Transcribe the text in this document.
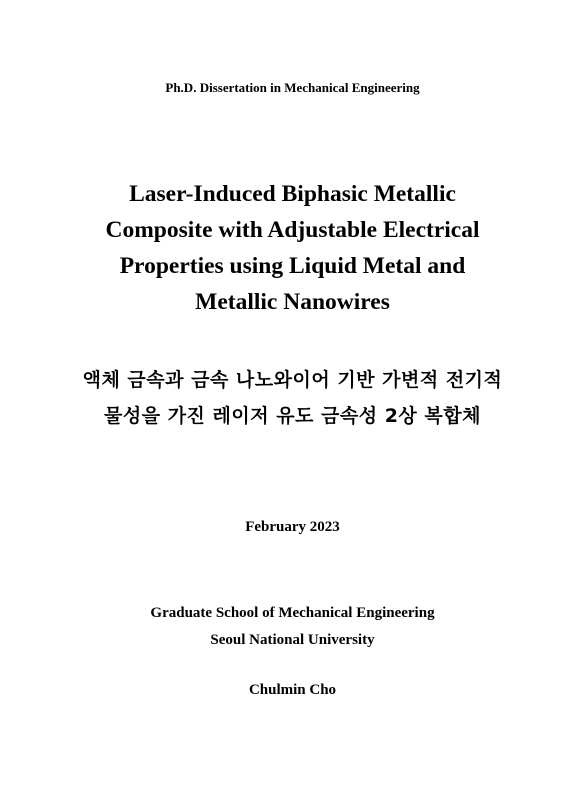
Ph.D. Dissertation in Mechanical Engineering
Laser-Induced Biphasic Metallic
Composite with Adjustable Electrical
Properties using Liquid Metal and
Metallic Nanowires
액체 금속과 금속 나노와이어 기반 가변적 전기적
물성을 가진 레이저 유도 금속성 2상 복합체
February 2023
Graduate School of Mechanical Engineering
Seoul National University
Chulmin Cho
